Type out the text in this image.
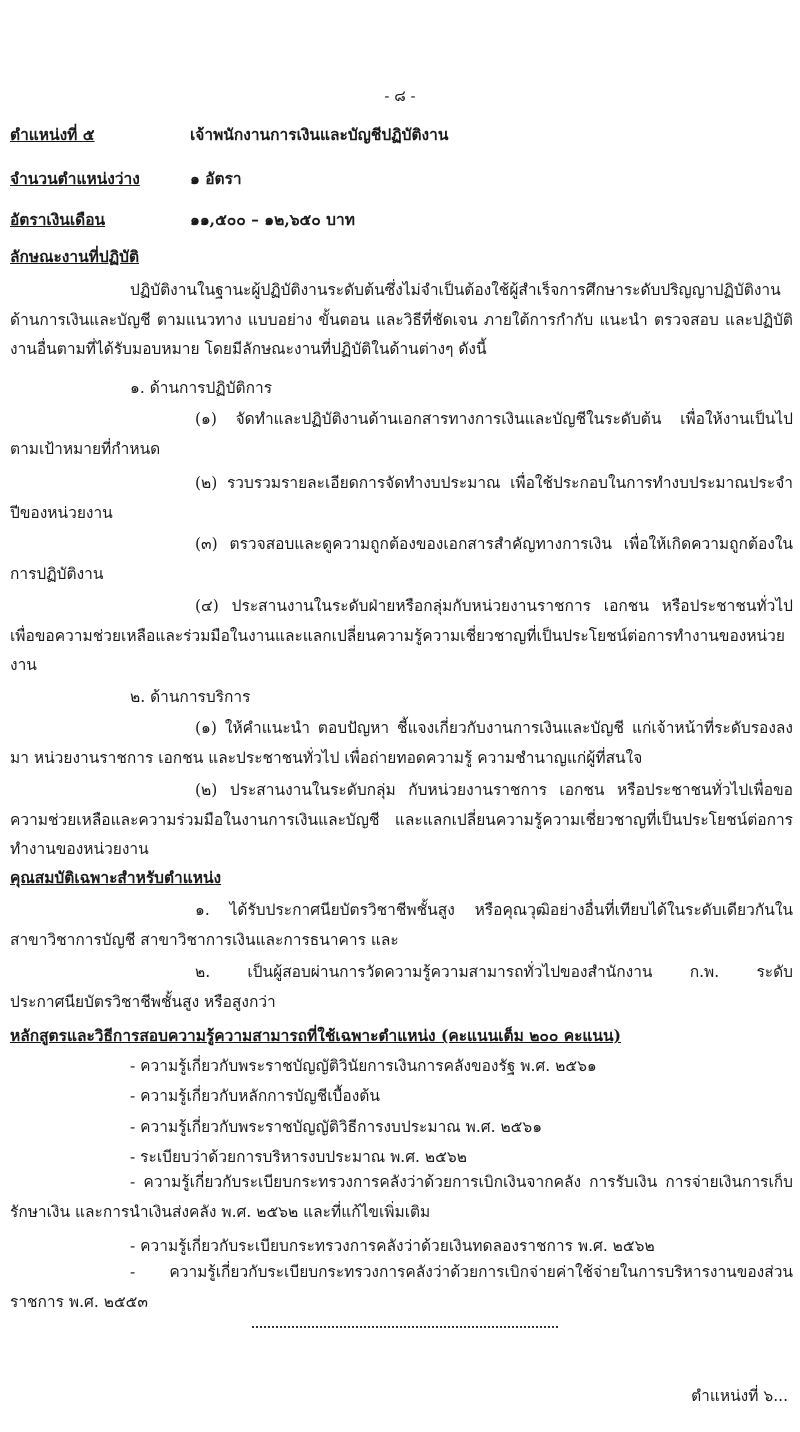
- ๘ -
ตำแหน่งที่ ๕	เจ้าพนักงานการเงินและบัญชีปฏิบัติงาน
จำนวนตำแหน่งว่าง	๑ อัตรา
อัตราเงินเดือน	๑๑,๕๐๐ – ๑๒,๖๕๐ บาท
ลักษณะงานที่ปฏิบัติ
ปฏิบัติงานในฐานะผู้ปฏิบัติงานระดับต้นซึ่งไม่จำเป็นต้องใช้ผู้สำเร็จการศึกษาระดับปริญญาปฏิบัติงานด้านการเงินและบัญชี ตามแนวทาง แบบอย่าง ขั้นตอน และวิธีที่ชัดเจน ภายใต้การกำกับ แนะนำ ตรวจสอบ และปฏิบัติงานอื่นตามที่ได้รับมอบหมาย โดยมีลักษณะงานที่ปฏิบัติในด้านต่างๆ ดังนี้
๑. ด้านการปฏิบัติการ
(๑) จัดทำและปฏิบัติงานด้านเอกสารทางการเงินและบัญชีในระดับต้น เพื่อให้งานเป็นไปตามเป้าหมายที่กำหนด
(๒) รวบรวมรายละเอียดการจัดทำงบประมาณ เพื่อใช้ประกอบในการทำงบประมาณประจำปีของหน่วยงาน
(๓) ตรวจสอบและดูความถูกต้องของเอกสารสำคัญทางการเงิน เพื่อให้เกิดความถูกต้องในการปฏิบัติงาน
(๔) ประสานงานในระดับฝ่ายหรือกลุ่มกับหน่วยงานราชการ เอกชน หรือประชาชนทั่วไปเพื่อขอความช่วยเหลือและร่วมมือในงานและแลกเปลี่ยนความรู้ความเชี่ยวชาญที่เป็นประโยชน์ต่อการทำงานของหน่วยงาน
๒. ด้านการบริการ
(๑) ให้คำแนะนำ ตอบปัญหา ชี้แจงเกี่ยวกับงานการเงินและบัญชี แก่เจ้าหน้าที่ระดับรองลงมา หน่วยงานราชการ เอกชน และประชาชนทั่วไป เพื่อถ่ายทอดความรู้ ความชำนาญแก่ผู้ที่สนใจ
(๒) ประสานงานในระดับกลุ่ม กับหน่วยงานราชการ เอกชน หรือประชาชนทั่วไปเพื่อขอความช่วยเหลือและความร่วมมือในงานการเงินและบัญชี และแลกเปลี่ยนความรู้ความเชี่ยวชาญที่เป็นประโยชน์ต่อการทำงานของหน่วยงาน
คุณสมบัติเฉพาะสำหรับตำแหน่ง
๑. ได้รับประกาศนียบัตรวิชาชีพชั้นสูง หรือคุณวุฒิอย่างอื่นที่เทียบได้ในระดับเดียวกันในสาขาวิชาการบัญชี สาขาวิชาการเงินและการธนาคาร และ
๒. เป็นผู้สอบผ่านการวัดความรู้ความสามารถทั่วไปของสำนักงาน ก.พ. ระดับประกาศนียบัตรวิชาชีพชั้นสูง หรือสูงกว่า
หลักสูตรและวิธีการสอบความรู้ความสามารถที่ใช้เฉพาะตำแหน่ง (คะแนนเต็ม ๒๐๐ คะแนน)
- ความรู้เกี่ยวกับพระราชบัญญัติวินัยการเงินการคลังของรัฐ พ.ศ. ๒๕๖๑
- ความรู้เกี่ยวกับหลักการบัญชีเบื้องต้น
- ความรู้เกี่ยวกับพระราชบัญญัติวิธีการงบประมาณ พ.ศ. ๒๕๖๑
- ระเบียบว่าด้วยการบริหารงบประมาณ พ.ศ. ๒๕๖๒
- ความรู้เกี่ยวกับระเบียบกระทรวงการคลังว่าด้วยการเบิกเงินจากคลัง การรับเงิน การจ่ายเงินการเก็บรักษาเงิน และการนำเงินส่งคลัง พ.ศ. ๒๕๖๒ และที่แก้ไขเพิ่มเติม
- ความรู้เกี่ยวกับระเบียบกระทรวงการคลังว่าด้วยเงินทดลองราชการ พ.ศ. ๒๕๖๒
- ความรู้เกี่ยวกับระเบียบกระทรวงการคลังว่าด้วยการเบิกจ่ายค่าใช้จ่ายในการบริหารงานของส่วนราชการ พ.ศ. ๒๕๕๓
ตำแหน่งที่ ๖...
